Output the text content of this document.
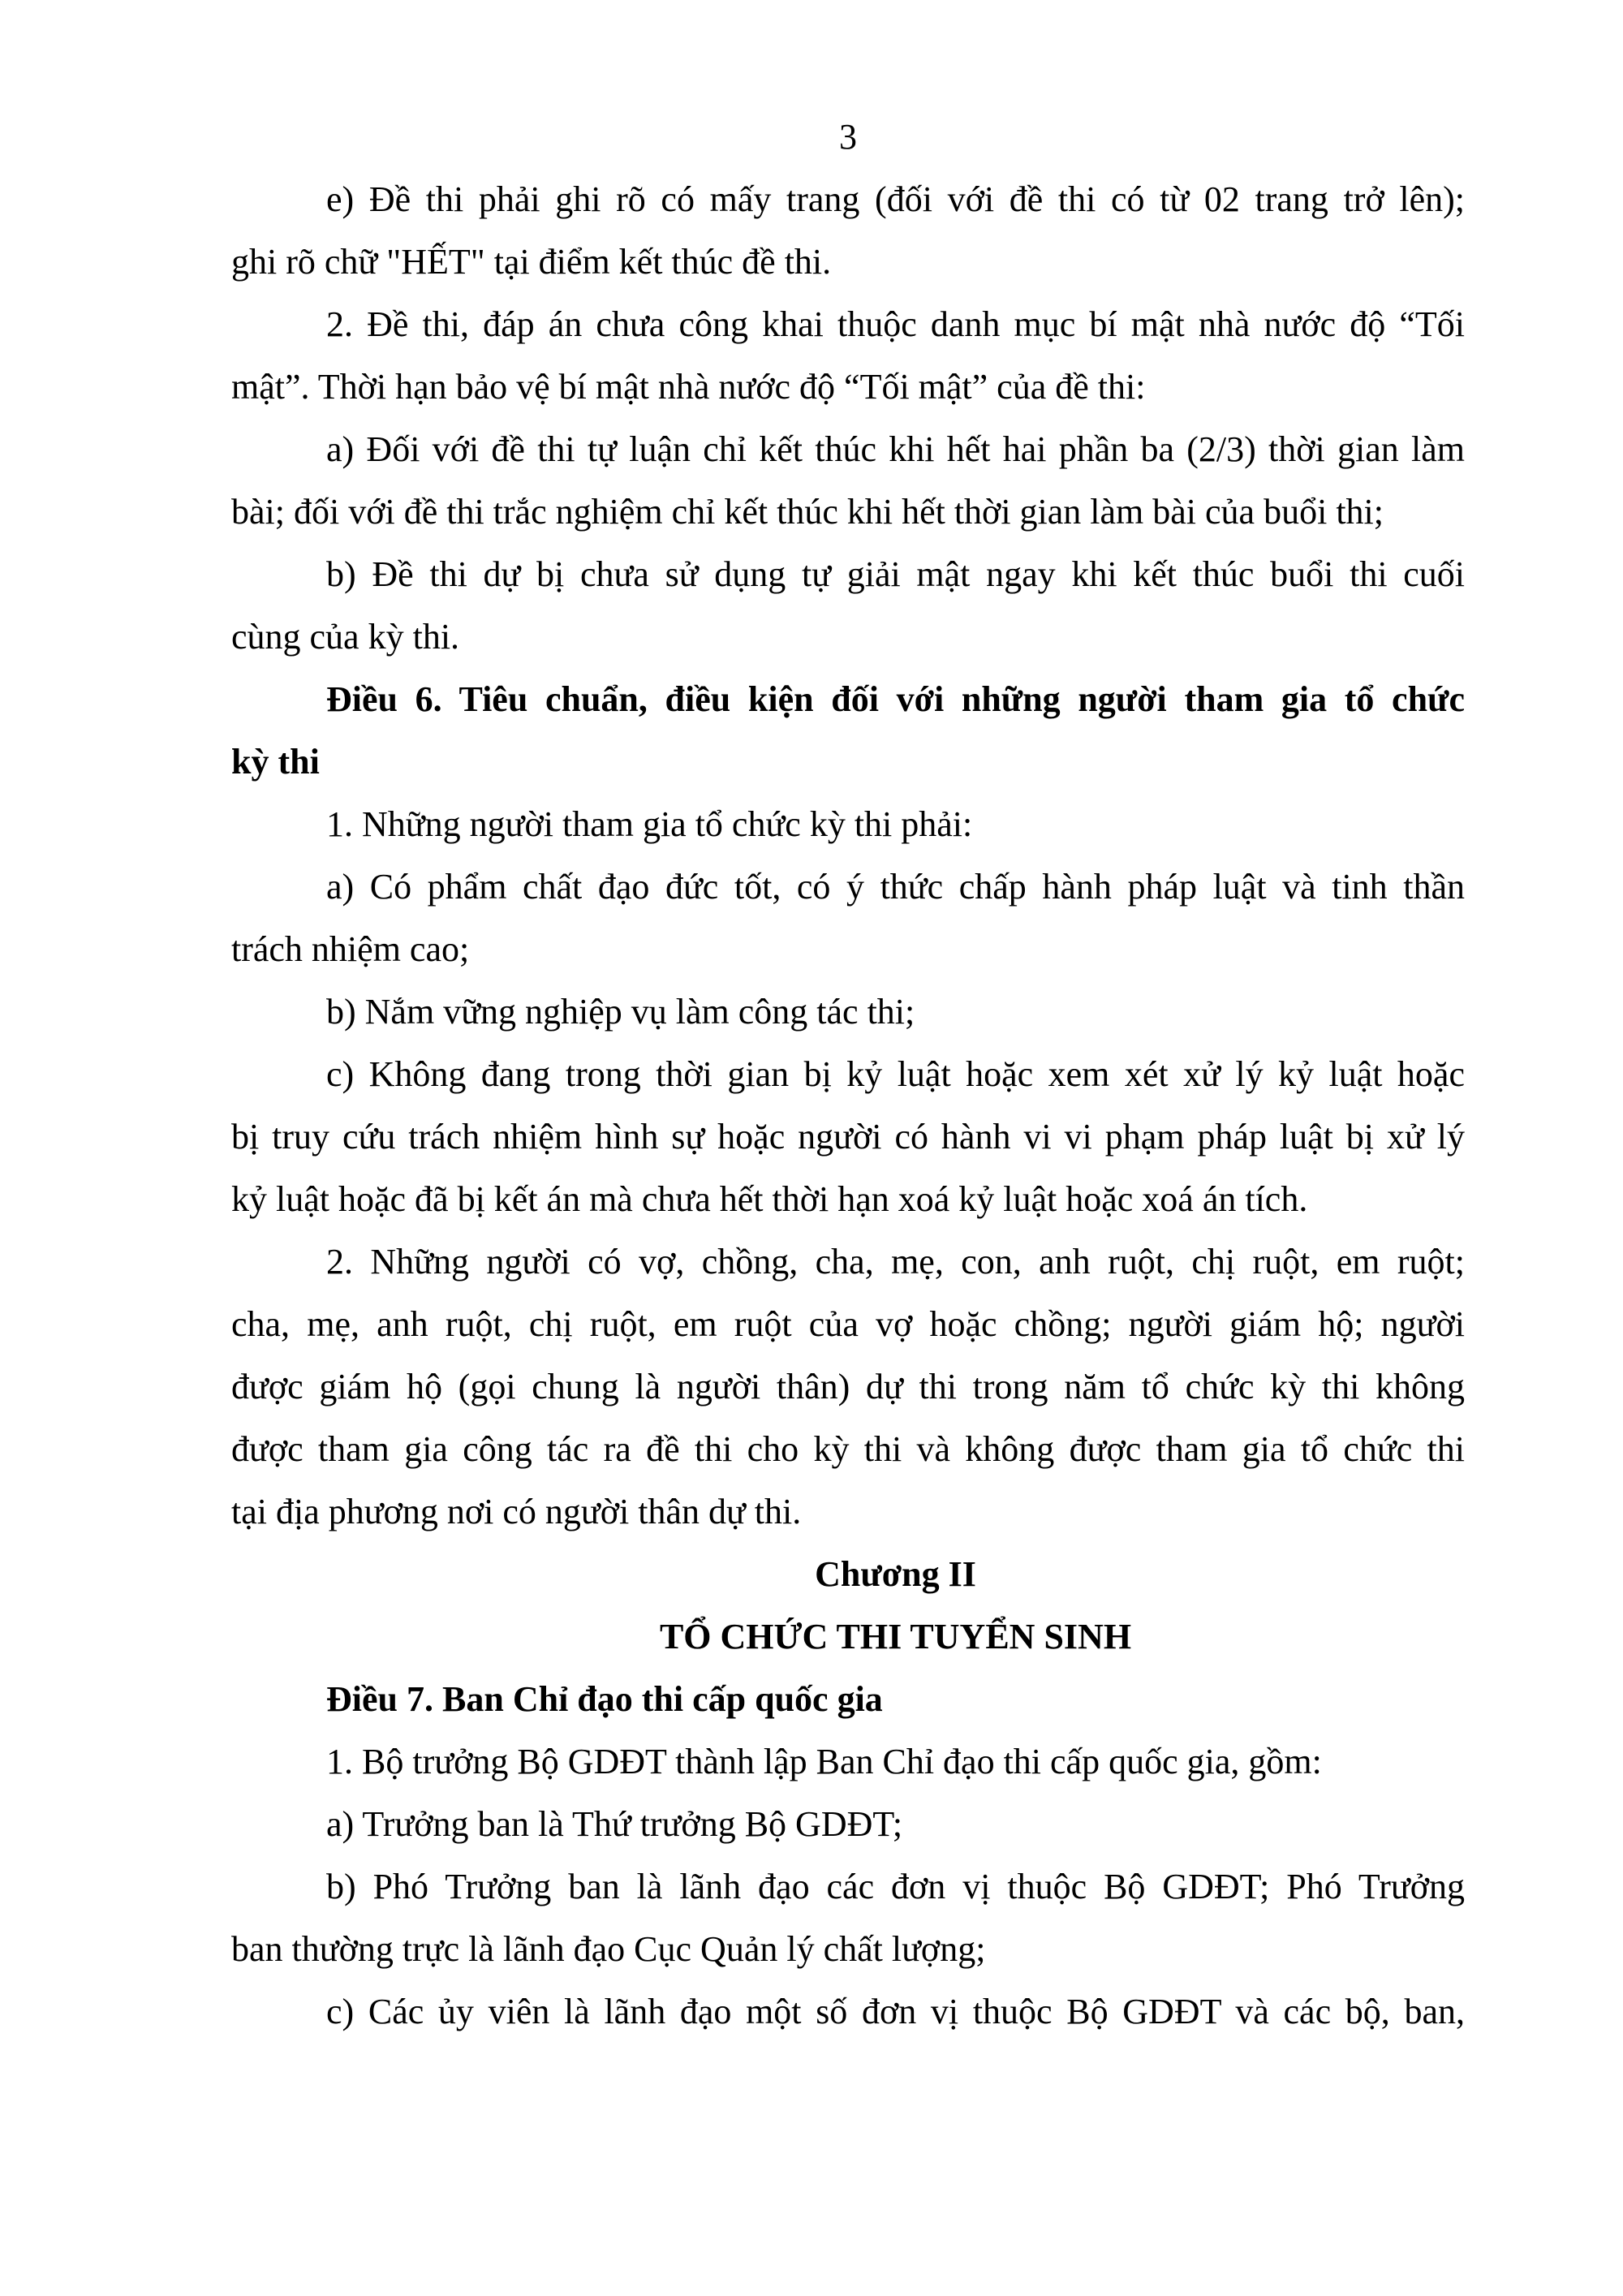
3
e) Đề thi phải ghi rõ có mấy trang (đối với đề thi có từ 02 trang trở lên);
ghi rõ chữ "HẾT" tại điểm kết thúc đề thi.
2. Đề thi, đáp án chưa công khai thuộc danh mục bí mật nhà nước độ “Tối
mật”. Thời hạn bảo vệ bí mật nhà nước độ “Tối mật” của đề thi:
a) Đối với đề thi tự luận chỉ kết thúc khi hết hai phần ba (2/3) thời gian làm
bài; đối với đề thi trắc nghiệm chỉ kết thúc khi hết thời gian làm bài của buổi thi;
b) Đề thi dự bị chưa sử dụng tự giải mật ngay khi kết thúc buổi thi cuối
cùng của kỳ thi.
Điều 6. Tiêu chuẩn, điều kiện đối với những người tham gia tổ chức
kỳ thi
1. Những người tham gia tổ chức kỳ thi phải:
a) Có phẩm chất đạo đức tốt, có ý thức chấp hành pháp luật và tinh thần
trách nhiệm cao;
b) Nắm vững nghiệp vụ làm công tác thi;
c) Không đang trong thời gian bị kỷ luật hoặc xem xét xử lý kỷ luật hoặc
bị truy cứu trách nhiệm hình sự hoặc người có hành vi vi phạm pháp luật bị xử lý
kỷ luật hoặc đã bị kết án mà chưa hết thời hạn xoá kỷ luật hoặc xoá án tích.
2. Những người có vợ, chồng, cha, mẹ, con, anh ruột, chị ruột, em ruột;
cha, mẹ, anh ruột, chị ruột, em ruột của vợ hoặc chồng; người giám hộ; người
được giám hộ (gọi chung là người thân) dự thi trong năm tổ chức kỳ thi không
được tham gia công tác ra đề thi cho kỳ thi và không được tham gia tổ chức thi
tại địa phương nơi có người thân dự thi.
Chương II
TỔ CHỨC THI TUYỂN SINH
Điều 7. Ban Chỉ đạo thi cấp quốc gia
1. Bộ trưởng Bộ GDĐT thành lập Ban Chỉ đạo thi cấp quốc gia, gồm:
a) Trưởng ban là Thứ trưởng Bộ GDĐT;
b) Phó Trưởng ban là lãnh đạo các đơn vị thuộc Bộ GDĐT; Phó Trưởng
ban thường trực là lãnh đạo Cục Quản lý chất lượng;
c) Các ủy viên là lãnh đạo một số đơn vị thuộc Bộ GDĐT và các bộ, ban,
